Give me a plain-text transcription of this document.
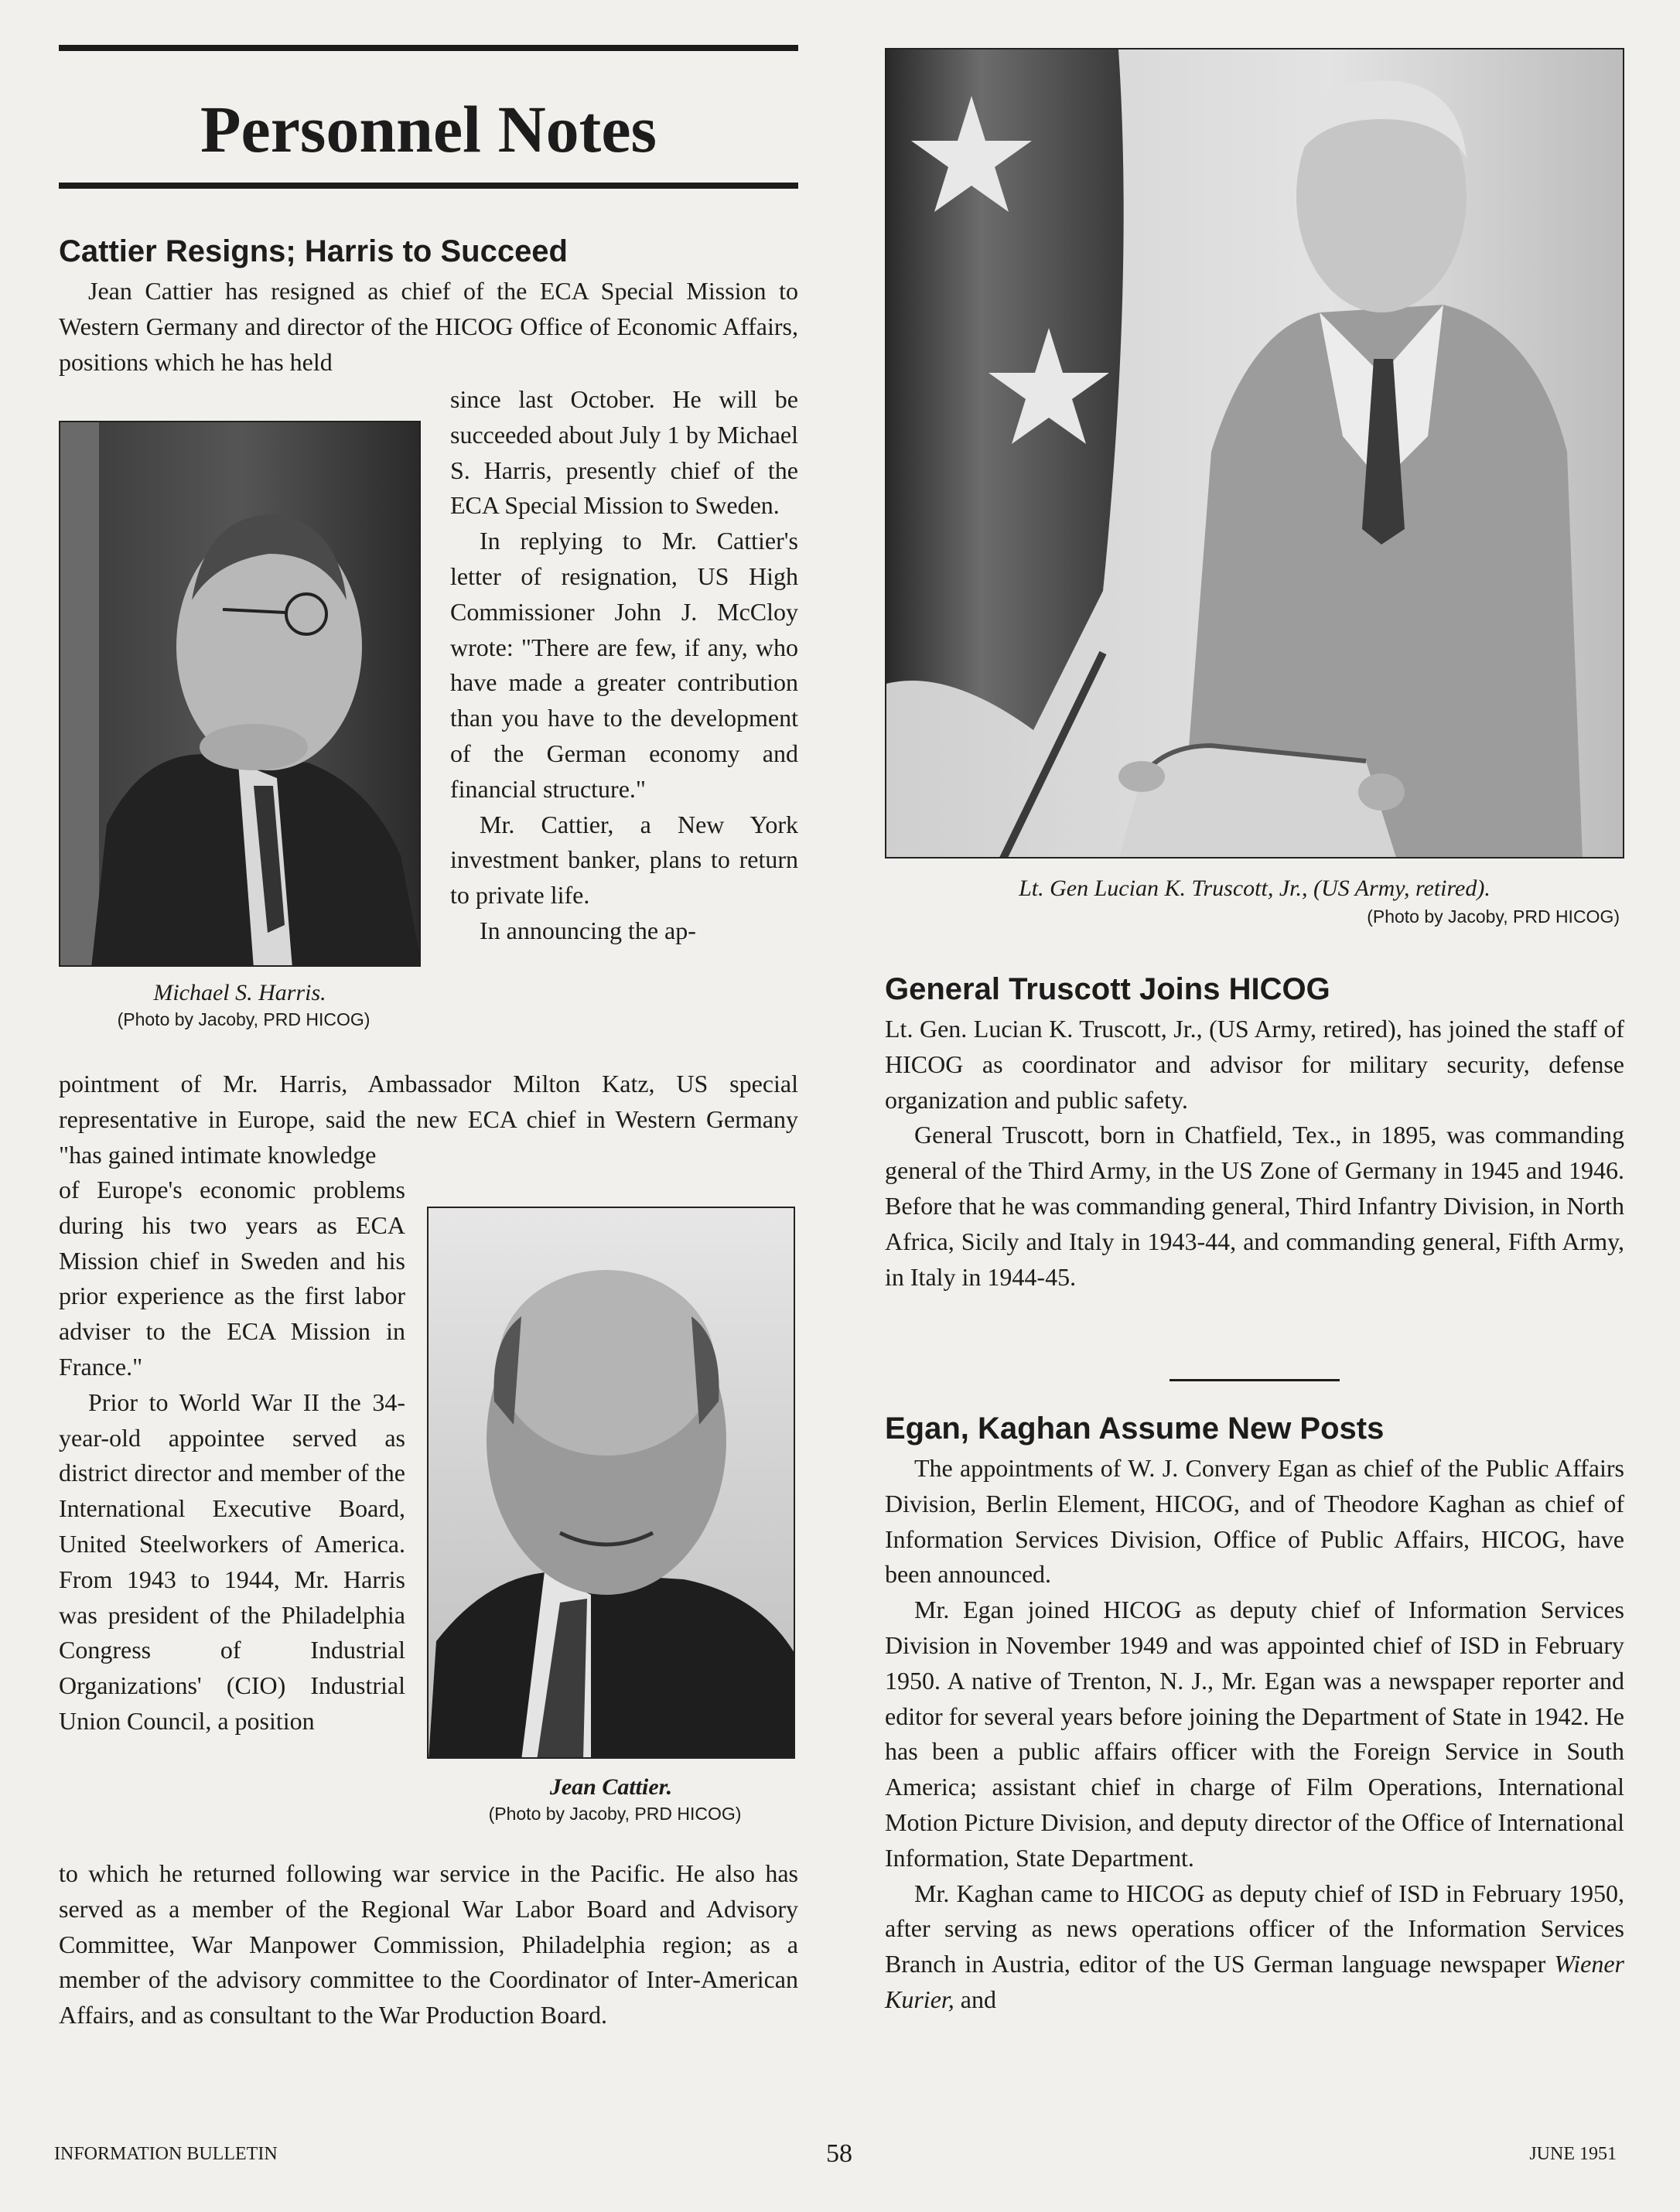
Personnel Notes
Cattier Resigns; Harris to Succeed

Jean Cattier has resigned as chief of the ECA Special Mission to Western Germany and director of the HICOG Office of Economic Affairs, positions which he has held

Michael S. Harris.
(Photo by Jacoby, PRD HICOG)

since last October. He will be succeeded about July 1 by Michael S. Harris, presently chief of the ECA Special Mission to Sweden.

In replying to Mr. Cattier's letter of resignation, US High Commissioner John J. McCloy wrote: "There are few, if any, who have made a greater contribution than you have to the development of the German economy and financial structure."

Mr. Cattier, a New York investment banker, plans to return to private life.

In announcing the ap-

pointment of Mr. Harris, Ambassador Milton Katz, US special representative in Europe, said the new ECA chief in Western Germany "has gained intimate knowledge

Jean Cattier.
(Photo by Jacoby, PRD HICOG)

of Europe's economic problems during his two years as ECA Mission chief in Sweden and his prior experience as the first labor adviser to the ECA Mission in France."

Prior to World War II the 34-year-old appointee served as district director and member of the International Executive Board, United Steelworkers of America. From 1943 to 1944, Mr. Harris was president of the Philadelphia Congress of Industrial Organizations' (CIO) Industrial Union Council, a position

to which he returned following war service in the Pacific. He also has served as a member of the Regional War Labor Board and Advisory Committee, War Manpower Commission, Philadelphia region; as a member of the advisory committee to the Coordinator of Inter-American Affairs, and as consultant to the War Production Board.

Lt. Gen Lucian K. Truscott, Jr., (US Army, retired).
(Photo by Jacoby, PRD HICOG)
General Truscott Joins HICOG

Lt. Gen. Lucian K. Truscott, Jr., (US Army, retired), has joined the staff of HICOG as coordinator and advisor for military security, defense organization and public safety.

General Truscott, born in Chatfield, Tex., in 1895, was commanding general of the Third Army, in the US Zone of Germany in 1945 and 1946. Before that he was commanding general, Third Infantry Division, in North Africa, Sicily and Italy in 1943-44, and commanding general, Fifth Army, in Italy in 1944-45.

Egan, Kaghan Assume New Posts

The appointments of W. J. Convery Egan as chief of the Public Affairs Division, Berlin Element, HICOG, and of Theodore Kaghan as chief of Information Services Division, Office of Public Affairs, HICOG, have been announced.

Mr. Egan joined HICOG as deputy chief of Information Services Division in November 1949 and was appointed chief of ISD in February 1950. A native of Trenton, N. J., Mr. Egan was a newspaper reporter and editor for several years before joining the Department of State in 1942. He has been a public affairs officer with the Foreign Service in South America; assistant chief in charge of Film Operations, International Motion Picture Division, and deputy director of the Office of International Information, State Department.

Mr. Kaghan came to HICOG as deputy chief of ISD in February 1950, after serving as news operations officer of the Information Services Branch in Austria, editor of the US German language newspaper Wiener Kurier, and

INFORMATION BULLETIN	58	JUNE 1951
